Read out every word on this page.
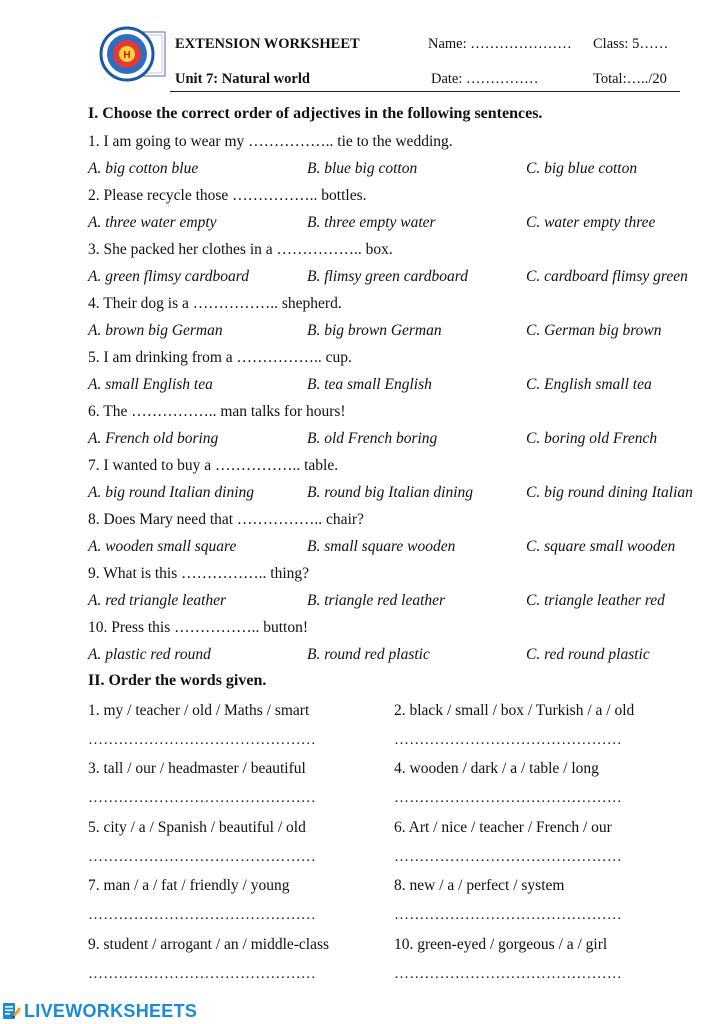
H
EXTENSION WORKSHEET
Unit 7: Natural world
Name: ………………… Class: 5……
Date: ……………	Total:…../20
I. Choose the correct order of adjectives in the following sentences.
1. I am going to wear my …………….. tie to the wedding.
A. big cotton blue	B. blue big cotton	C. big blue cotton
2. Please recycle those …………….. bottles.
A. three water empty	B. three empty water	C. water empty three
3. She packed her clothes in a …………….. box.
A. green flimsy cardboard	B. flimsy green cardboard	C. cardboard flimsy green
4. Their dog is a …………….. shepherd.
A. brown big German	B. big brown German	C. German big brown
5. I am drinking from a …………….. cup.
A. small English tea	B. tea small English	C. English small tea
6. The …………….. man talks for hours!
A. French old boring	B. old French boring	C. boring old French
7. I wanted to buy a …………….. table.
A. big round Italian dining	B. round big Italian dining	C. big round dining Italian
8. Does Mary need that …………….. chair?
A. wooden small square	B. small square wooden	C. square small wooden
9. What is this …………….. thing?
A. red triangle leather	B. triangle red leather	C. triangle leather red
10. Press this …………….. button!
A. plastic red round	B. round red plastic	C. red round plastic
II. Order the words given.
1. my / teacher / old / Maths / smart	2. black / small / box / Turkish / a / old
………………………………………	………………………………………
3. tall / our / headmaster / beautiful	4. wooden / dark / a / table / long
………………………………………	………………………………………
5. city / a / Spanish / beautiful / old	6. Art / nice / teacher / French / our
………………………………………	………………………………………
7. man / a / fat / friendly / young	8. new / a / perfect / system
………………………………………	………………………………………
9. student / arrogant / an / middle-class	10. green-eyed / gorgeous / a / girl
………………………………………	………………………………………
LIVEWORKSHEETS
